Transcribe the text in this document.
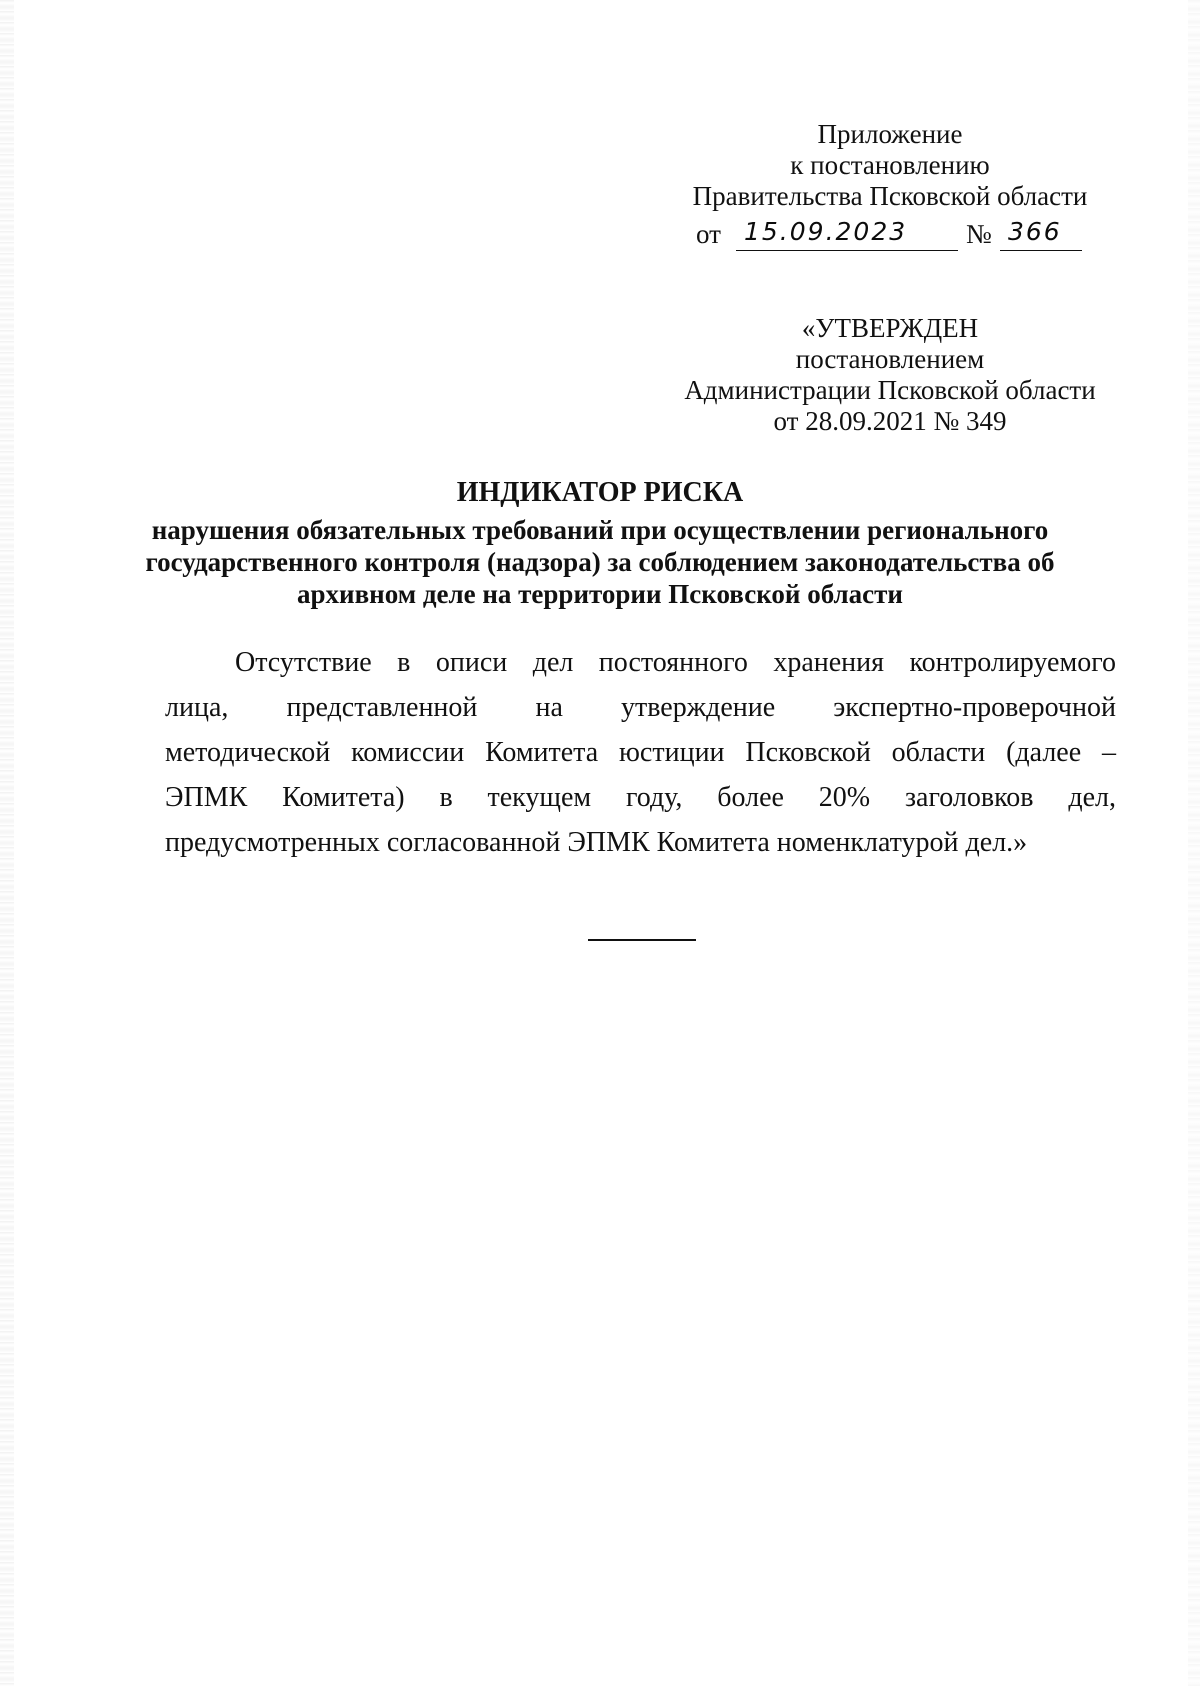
Приложение
к постановлению
Правительства Псковской области
от 15.09.2023 № 366
«УТВЕРЖДЕН
постановлением
Администрации Псковской области
от 28.09.2021 № 349
ИНДИКАТОР РИСКА
нарушения обязательных требований при осуществлении регионального
государственного контроля (надзора) за соблюдением законодательства об
архивном деле на территории Псковской области
Отсутствие в описи дел постоянного хранения контролируемого
лица, представленной на утверждение экспертно-проверочной
методической комиссии Комитета юстиции Псковской области (далее –
ЭПМК Комитета) в текущем году, более 20% заголовков дел,
предусмотренных согласованной ЭПМК Комитета номенклатурой дел.»
